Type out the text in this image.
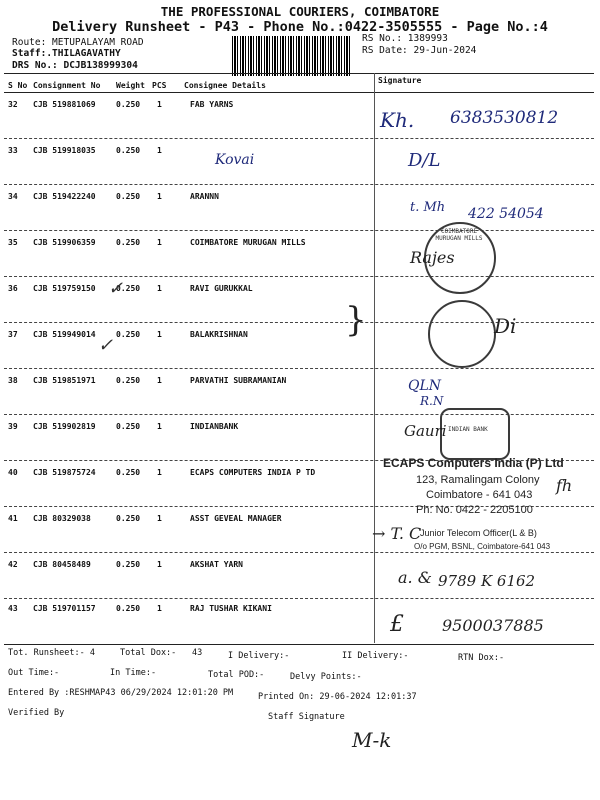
THE PROFESSIONAL COURIERS, COIMBATORE
Delivery Runsheet - P43 - Phone No.:0422-3505555 - Page No.:4
Route: METUPALAYAM ROAD
Staff:.THILAGAVATHY
DRS No.: DCJB138999304
RS No.: 1389993
RS Date: 29-Jun-2024
S No Consignment No Weight PCS Consignee Details
Signature
32 CJB 519881069	0.250 1	FAB YARNS
33 CJB 519918035	0.250 1
34 CJB 519422240	0.250 1	ARANNN
35 CJB 519906359	0.250 1	COIMBATORE MURUGAN MILLS
36 CJB 519759150	0.250 1	RAVI GURUKKAL
37 CJB 519949014	0.250 1	BALAKRISHNAN
38 CJB 519851971	0.250 1	PARVATHI SUBRAMANIAN
39 CJB 519902819	0.250 1	INDIANBANK
40 CJB 519875724	0.250 1	ECAPS COMPUTERS INDIA P TD
41 CJB 80329038	0.250 1	ASST GEVEAL MANAGER
42 CJB 80458489	0.250 1	AKSHAT YARN
43 CJB 519701157	0.250 1	RAJ TUSHAR KIKANI
Kh. 6383530812
Kovai	D/L
t. Mh 422 54054
COIMBATORE MURUGAN MILLS
Rajes
Di
}
✓
✓
QLN
R.N
INDIAN BANK
Gauri
ECAPS Computers India (P) Ltd
123, Ramalingam Colony
Coimbatore - 641 043
Ph: No. 0422 - 2205100
fh
→ T. C
Junior Telecom Officer(L & B)
O/o PGM, BSNL, Coimbatore-641 043
a. & 9789 K 6162
£ 9500037885
Tot. Runsheet:- 4	Total Dox:- 43	I Delivery:-	II Delivery:-	RTN Dox:-
Out Time:-	In Time:-	Total POD:-	Delvy Points:-
Entered By :RESHMAP43 06/29/2024 12:01:20 PM	Printed On: 29-06-2024 12:01:37
Verified By	Staff Signature
M-k
